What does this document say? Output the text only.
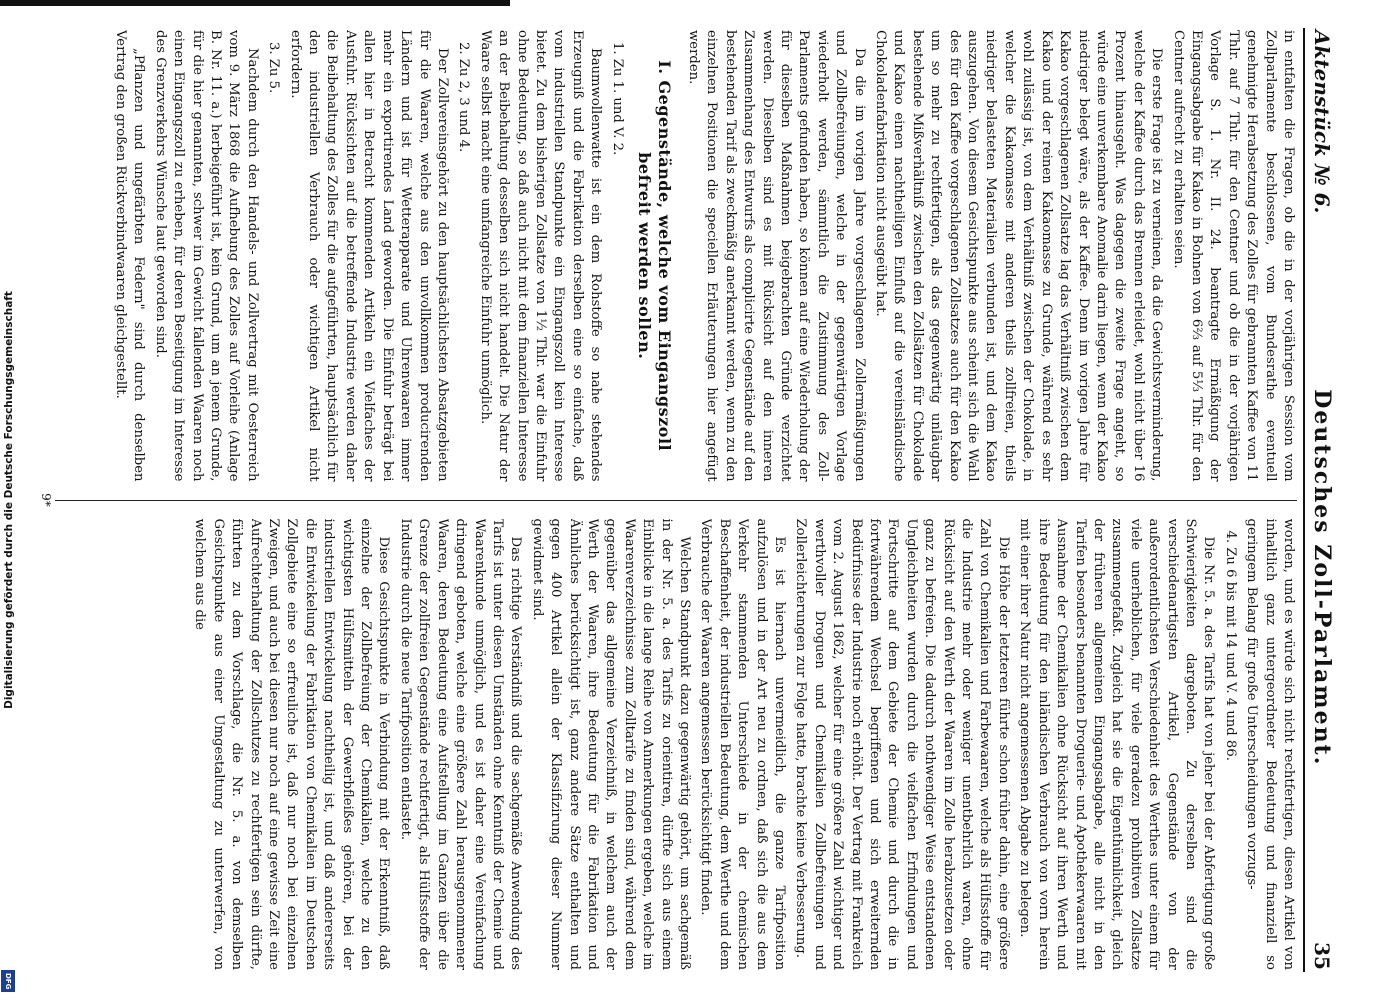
Digitalisierung gefördert durch die Deutsche Forschungsgemeinschaft
DFG
Aktenstück № 6.
Deutsches Zoll-Parlament.
35

in entfalten die Fragen, ob die in der vorjährigen Session vom Zollparlamente beschlossene, vom Bundesrathe eventuell genehmigte Herabsetzung des Zolles für gebrannten Kaffee von 11 Thlr. auf 7 Thlr. für den Centner und ob die in der vorjährigen Vorlage S. 1. Nr. II. 24. beantragte Ermäßigung der Eingangsabgabe für Kakao in Bohnen von 6⅔ auf 5⅓ Thlr. für den Centner aufrecht zu erhalten seien.

Die erste Frage ist zu verneinen, da die Gewichtsverminderung, welche der Kaffee durch das Brennen erleidet, wohl nicht über 16 Prozent hinausgeht. Was dagegen die zweite Frage angeht, so würde eine unverkennbare Anomalie darin liegen, wenn der Kakao niedriger belegt wäre, als der Kaffee. Denn im vorigen Jahre für Kakao vorgeschlagenen Zollsatze lag das Verhältniß zwischen dem Kakao und der reinen Kakaomasse zu Grunde, während es sehr wohl zulässig ist, von dem Verhältniß zwischen der Chokolade, in welcher die Kakaomasse mit anderen theils zollfreien, theils niedriger belasteten Materialien verbunden ist, und dem Kakao auszugehen. Von diesem Gesichtspunkte aus scheint sich die Wahl des für den Kaffee vorgeschlagenen Zollsatzes auch für den Kakao um so mehr zu rechtfertigen, als das gegenwärtig unläugbar bestehende Mißverhältniß zwischen den Zollsätzen für Chokolade und Kakao einen nachtheiligen Einfluß auf die vereinsländische Chokoladenfabrikation nicht ausgeübt hat.

Da die im vorigen Jahre vorgeschlagenen Zollermäßigungen und Zollbefreiungen, welche in der gegenwärtigen Vorlage wiederholt werden, sämmtlich die Zustimmung des Zoll-Parlaments gefunden haben, so können auf eine Wiederholung der für dieselben Maßnahmen beigebrachten Gründe verzichtet werden. Dieselben sind es mit Rücksicht auf den inneren Zusammenhang des Entwurfs als complicirte Gegenstände auf den bestehenden Tarif als zweckmäßig anerkannt werden, wenn zu den einzelnen Positionen die speciellen Erläuterungen hier angefügt werden.

I. Gegenstände, welche vom Eingangszoll befreit werden sollen.

1. Zu 1. und V. 2.

Baumwollenwatte ist ein dem Rohstoffe so nahe stehendes Erzeugniß und die Fabrikation derselben eine so einfache, daß vom industriellen Standpunkte ein Eingangszoll kein Interesse bietet. Zu dem bisherigen Zollsatze von 1½ Thlr. war die Einfuhr ohne Bedeutung, so daß auch nicht mit dem finanziellen Interesse an der Beibehaltung desselben sich nicht handelt. Die Natur der Waare selbst macht eine umfangreiche Einfuhr unmöglich.

2. Zu 2, 3 und 4.

Der Zollvereinsgehört zu den hauptsächlichsten Absatzgebieten für die Waaren, welche aus den unvollkommen producirenden Ländern und ist für Wetterapparate und Uhrenwaaren immer mehr ein exportirendes Land geworden. Die Einfuhr beträgt bei allen hier in Betracht kommenden Artikeln ein Vielfaches der Ausfuhr. Rücksichten auf die betreffende Industrie werden daher die Beibehaltung des Zolles für die aufgeführten, hauptsächlich für den industriellen Verbrauch oder wichtigen Artikel nicht erfordern.

3. Zu 5.

Nachdem durch den Handels- und Zollvertrag mit Oesterreich vom 9. März 1868 die Aufhebung des Zolles auf Vorleihe (Anlage B. Nr. 11. a.) herbeigeführt ist, kein Grund, um an jenem Grunde, für die hier genannten, schwer im Gewicht fallenden Waaren noch einen Eingangszoll zu erheben, für deren Beseitigung im Interesse des Grenzverkehrs Wünsche laut geworden sind.

„Pflanzen und ungefärbten Federn" sind durch denselben Vertrag den großen Rückverbindwaaren gleichgestellt.

worden, und es würde sich nicht rechtfertigen, diesen Artikel von inhaltlich ganz untergeordneter Bedeutung und finanziell so geringem Belang für große Unterscheidungen vorzugs-

4. Zu 6 bis mit 14 und V. 4 und 86.

Die Nr. 5. a. des Tarifs hat von jeher bei der Abfertigung große Schwierigkeiten dargeboten. Zu derselben sind die verschiedenartigsten Artikel, Gegenstände von der außerordentlichsten Verschiedenheit des Werthes unter einem für viele unerheblichen, für viele geradezu prohibitiven Zollsatze zusammengefaßt. Zugleich hat sie die Eigenthümlichkeit, gleich der früheren allgemeinen Eingangsabgabe, alle nicht in den Tarifen besonders benannten Droguerie- und Apothekerwaaren mit Ausnahme der Chemikalien ohne Rücksicht auf ihren Werth und ihre Bedeutung für den inländischen Verbrauch von vorn herein mit einer ihrer Natur nicht angemessenen Abgabe zu belegen.

Die Höhe der letzteren führte schon früher dahin, eine größere Zahl von Chemikalien und Farbewaaren, welche als Hülfsstoffe für die Industrie mehr oder weniger unentbehrlich waren, ohne Rücksicht auf den Werth der Waaren im Zolle herabzusetzen oder ganz zu befreien. Die dadurch nothwendiger Weise entstandenen Ungleichheiten wurden durch die vielfachen Erfindungen und Fortschritte auf dem Gebiete der Chemie und durch die in fortwährendem Wechsel begriffenen und sich erweiternden Bedürfnisse der Industrie noch erhöht. Der Vertrag mit Frankreich vom 2. August 1862, welcher für eine größere Zahl wichtiger und werthvoller Droguen und Chemikalien Zollbefreiungen und Zollerleichterungen zur Folge hatte, brachte keine Verbesserung.

Es ist hiernach unvermeidlich, die ganze Tarifposition aufzulösen und in der Art neu zu ordnen, daß sich die aus dem Verkehr stammenden Unterschiede in der chemischen Beschaffenheit, der industriellen Bedeutung, dem Werthe und dem Verbrauche der Waaren angemessen berücksichtigt finden.

Welchen Standpunkt dazu gegenwärtig gehört, um sachgemäß in der Nr. 5. a. des Tarifs zu orientiren, dürfte sich aus einem Einblicke in die lange Reihe von Anmerkungen ergeben, welche im Waarenverzeichnisse zum Zolltarife zu finden sind, während dem gegenüber das allgemeine Verzeichniß, in welchem auch der Werth der Waaren, ihre Bedeutung für die Fabrikation und Ähnliches berücksichtigt ist, ganz andere Sätze enthalten und gegen 400 Artikel allein der Klassifizirung dieser Nummer gewidmet sind.

Das richtige Verständniß und die sachgemäße Anwendung des Tarifs ist unter diesen Umständen ohne Kenntniß der Chemie und Waarenkunde unmöglich, und es ist daher eine Vereinfachung dringend geboten, welche eine größere Zahl herausgenommener Waaren, deren Bedeutung eine Aufstellung im Ganzen über die Grenze der zollfreien Gegenstände rechtfertigt, als Hülfsstoffe der Industrie durch die neue Tarifposition entlastet.

Diese Gesichtspunkte in Verbindung mit der Erkenntniß, daß einzelne der Zollbefreiung der Chemikalien, welche zu den wichtigsten Hülfsmitteln der Gewerbfleißes gehören, bei der industriellen Entwickelung nachtheilig ist, und daß andererseits die Entwickelung der Fabrikation von Chemikalien im Deutschen Zollgebiete eine so erfreuliche ist, daß nur noch bei einzelnen Zweigen, und auch bei diesen nur noch auf eine gewisse Zeit eine Aufrechterhaltung der Zollschutzes zu rechtfertigen sein dürfte, führten zu dem Vorschlage, die Nr. 5. a. von demselben Gesichtspunkte aus einer Umgestaltung zu unterwerfen, von welchem aus die

9*
